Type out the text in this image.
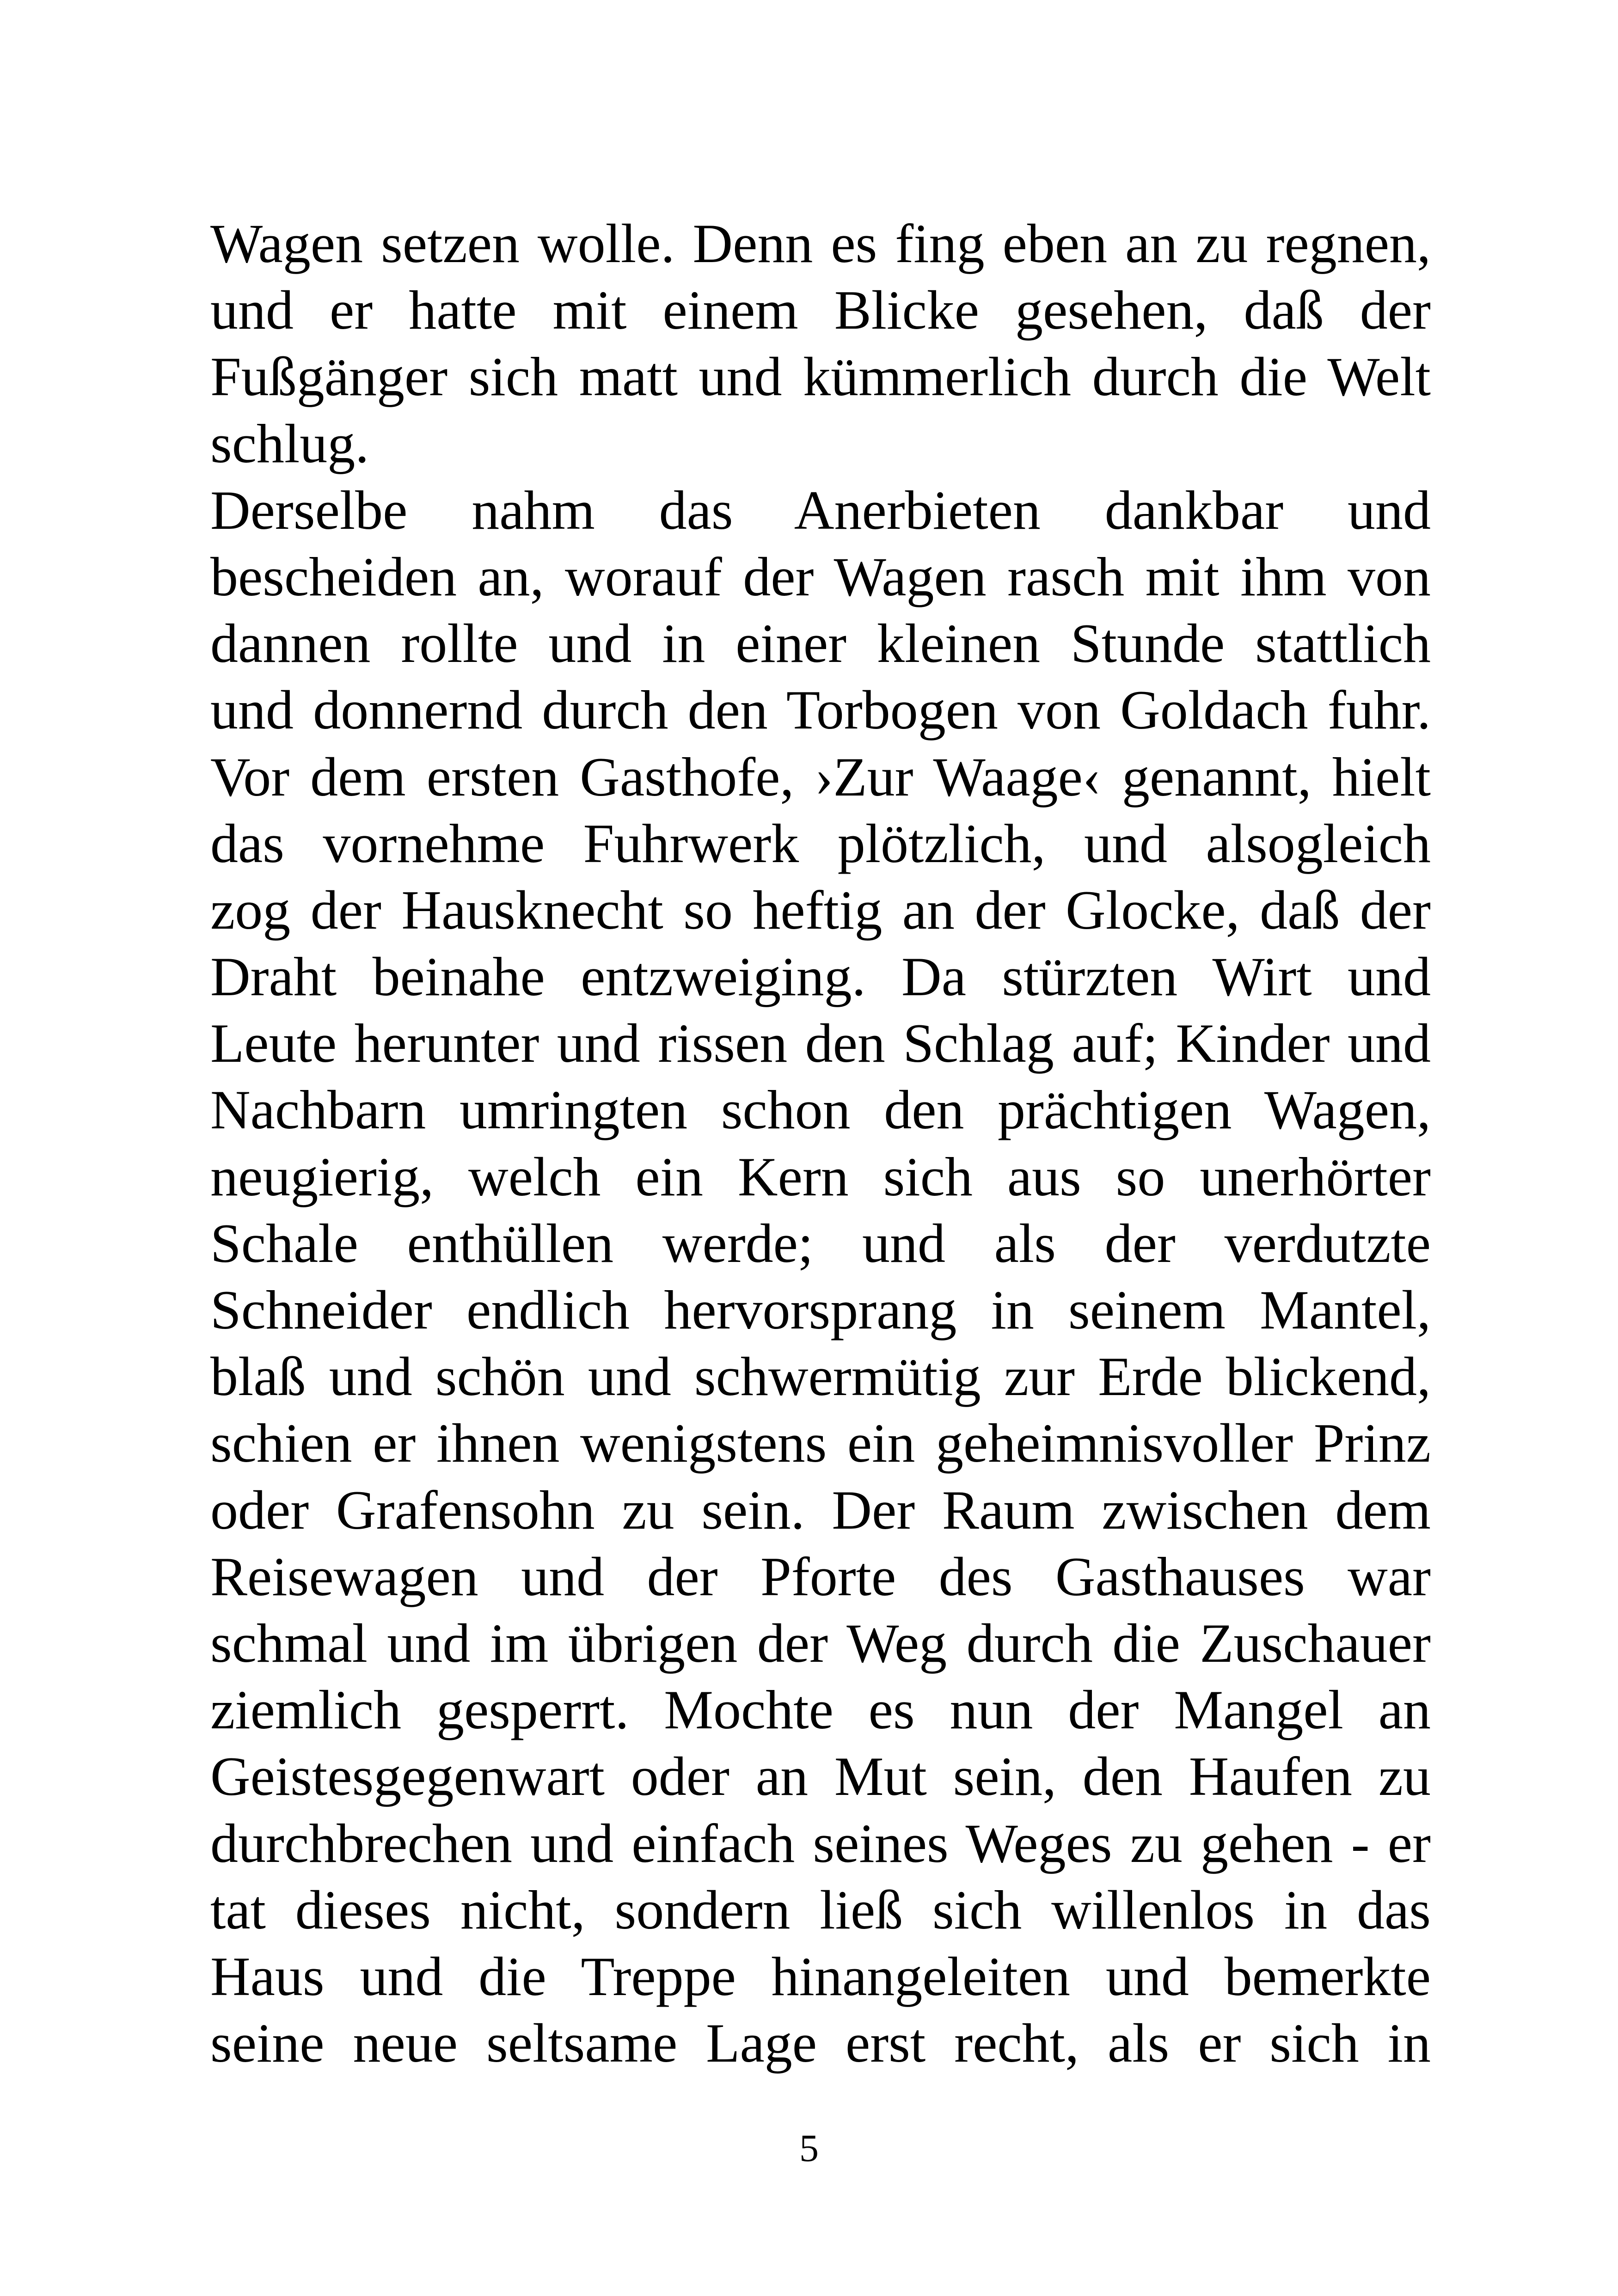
Wagen setzen wolle. Denn es fing eben an zu regnen,
und er hatte mit einem Blicke gesehen, daß der
Fußgänger sich matt und kümmerlich durch die Welt
schlug.
Derselbe nahm das Anerbieten dankbar und
bescheiden an, worauf der Wagen rasch mit ihm von
dannen rollte und in einer kleinen Stunde stattlich
und donnernd durch den Torbogen von Goldach fuhr.
Vor dem ersten Gasthofe, ›Zur Waage‹ genannt, hielt
das vornehme Fuhrwerk plötzlich, und alsogleich
zog der Hausknecht so heftig an der Glocke, daß der
Draht beinahe entzweiging. Da stürzten Wirt und
Leute herunter und rissen den Schlag auf; Kinder und
Nachbarn umringten schon den prächtigen Wagen,
neugierig, welch ein Kern sich aus so unerhörter
Schale enthüllen werde; und als der verdutzte
Schneider endlich hervorsprang in seinem Mantel,
blaß und schön und schwermütig zur Erde blickend,
schien er ihnen wenigstens ein geheimnisvoller Prinz
oder Grafensohn zu sein. Der Raum zwischen dem
Reisewagen und der Pforte des Gasthauses war
schmal und im übrigen der Weg durch die Zuschauer
ziemlich gesperrt. Mochte es nun der Mangel an
Geistesgegenwart oder an Mut sein, den Haufen zu
durchbrechen und einfach seines Weges zu gehen - er
tat dieses nicht, sondern ließ sich willenlos in das
Haus und die Treppe hinangeleiten und bemerkte
seine neue seltsame Lage erst recht, als er sich in
5
